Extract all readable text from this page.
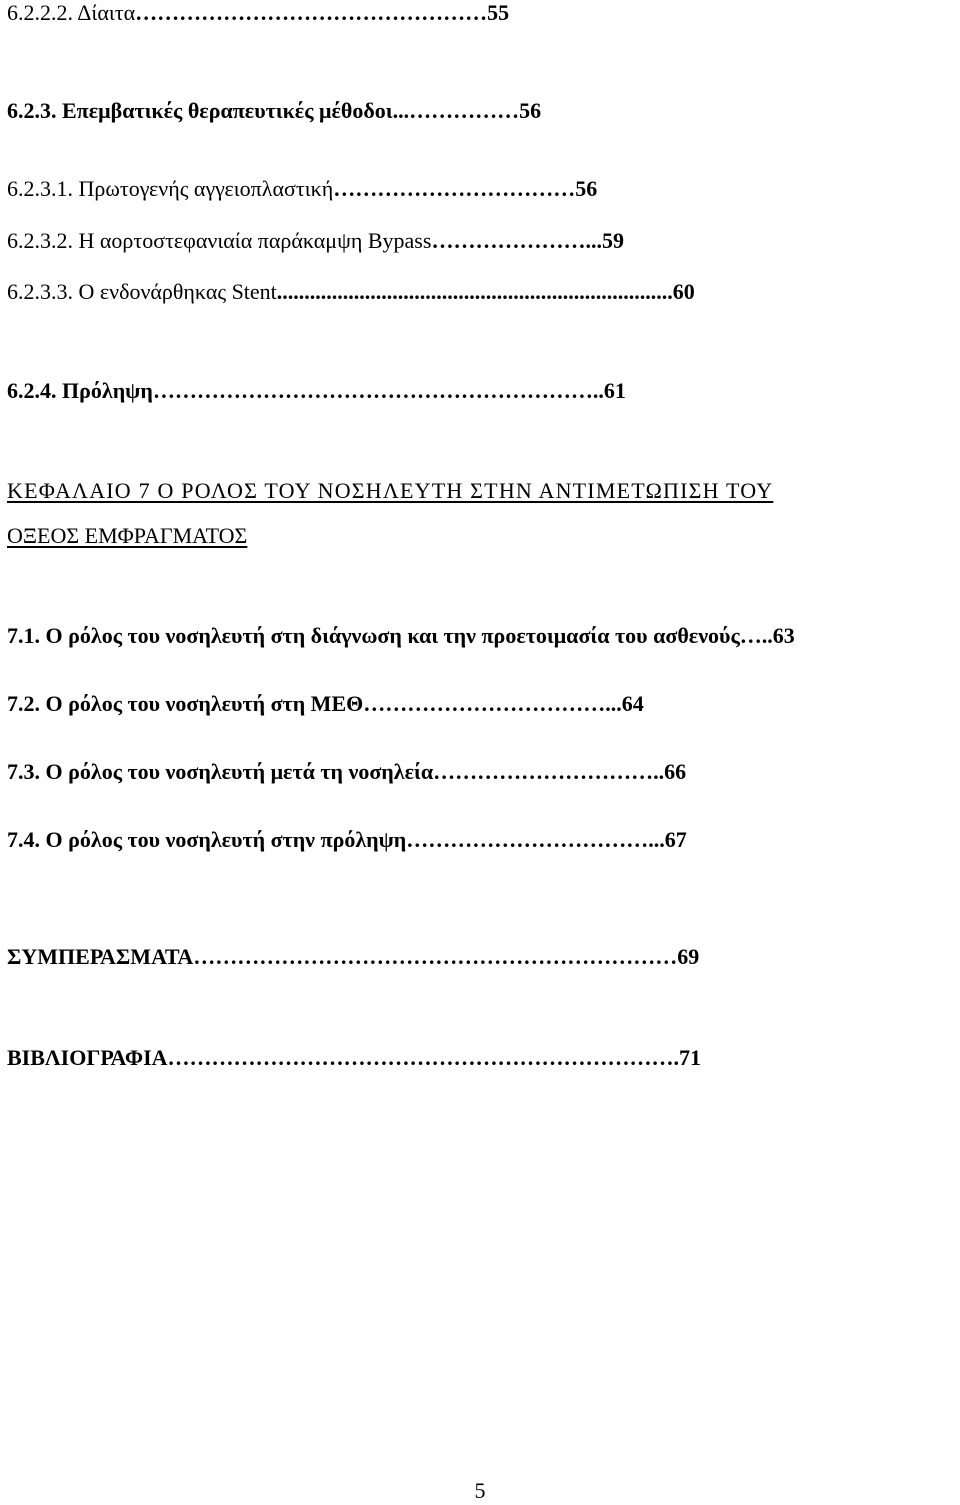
6.2.2.2. Δίαιτα…………………………………………55
6.2.3. Επεμβατικές θεραπευτικές μέθοδοι...……………56
6.2.3.1. Πρωτογενής αγγειοπλαστική……………………………56
6.2.3.2. Η αορτοστεφανιαία παράκαμψη Bypass…………………...59
6.2.3.3. Ο ενδονάρθηκας Stent........................................................................60
6.2.4. Πρόληψη……………………………………………………..61
ΚΕΦΑΛΑΙΟ 7 Ο ΡΟΛΟΣ ΤΟΥ ΝΟΣΗΛΕΥΤΗ ΣΤΗΝ ΑΝΤΙΜΕΤΩΠΙΣΗ ΤΟΥ
ΟΞΕΟΣ ΕΜΦΡΑΓΜΑΤΟΣ
7.1. Ο ρόλος του νοσηλευτή στη διάγνωση και την προετοιμασία του ασθενούς…..63
7.2. Ο ρόλος του νοσηλευτή στη ΜΕΘ……………………………...64
7.3. Ο ρόλος του νοσηλευτή μετά τη νοσηλεία…………………………..66
7.4. Ο ρόλος του νοσηλευτή στην πρόληψη……………………………...67
ΣΥΜΠΕΡΑΣΜΑΤΑ…………………………………………………………69
ΒΙΒΛΙΟΓΡΑΦΙΑ…………………………………………………………….71
5
